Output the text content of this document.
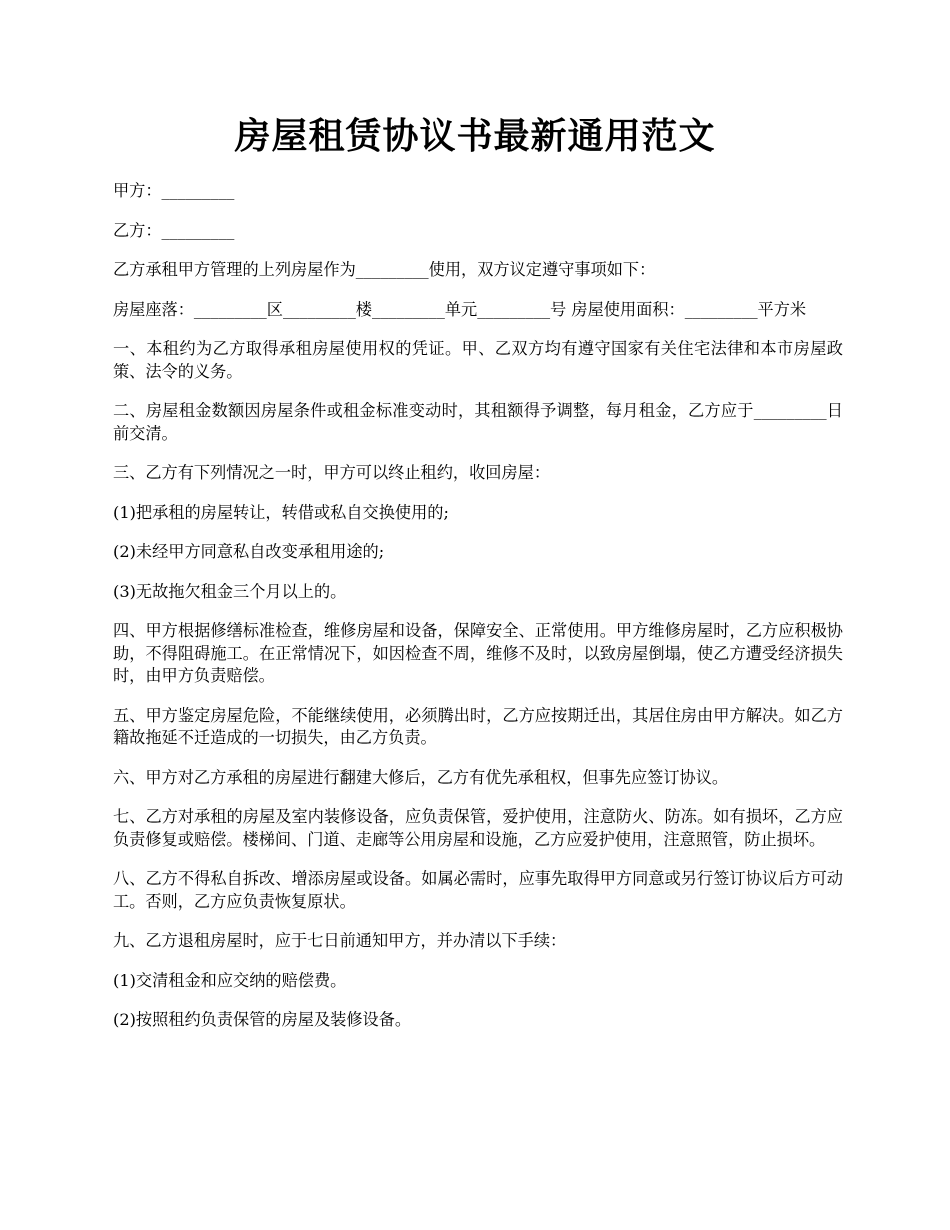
房屋租赁协议书最新通用范文

甲方：_________

乙方：_________

乙方承租甲方管理的上列房屋作为_________使用，双方议定遵守事项如下：

房屋座落：_________区_________楼_________单元_________号 房屋使用面积：_________平方米

一、本租约为乙方取得承租房屋使用权的凭证。甲、乙双方均有遵守国家有关住宅法律和本市房屋政策、法令的义务。

二、房屋租金数额因房屋条件或租金标准变动时，其租额得予调整，每月租金，乙方应于_________日前交清。

三、乙方有下列情况之一时，甲方可以终止租约，收回房屋：

(1)把承租的房屋转让，转借或私自交换使用的;

(2)未经甲方同意私自改变承租用途的;

(3)无故拖欠租金三个月以上的。

四、甲方根据修缮标准检查，维修房屋和设备，保障安全、正常使用。甲方维修房屋时，乙方应积极协助，不得阻碍施工。在正常情况下，如因检查不周，维修不及时，以致房屋倒塌，使乙方遭受经济损失时，由甲方负责赔偿。

五、甲方鉴定房屋危险，不能继续使用，必须腾出时，乙方应按期迁出，其居住房由甲方解决。如乙方籍故拖延不迁造成的一切损失，由乙方负责。

六、甲方对乙方承租的房屋进行翻建大修后，乙方有优先承租权，但事先应签订协议。

七、乙方对承租的房屋及室内装修设备，应负责保管，爱护使用，注意防火、防冻。如有损坏，乙方应负责修复或赔偿。楼梯间、门道、走廊等公用房屋和设施，乙方应爱护使用，注意照管，防止损坏。

八、乙方不得私自拆改、增添房屋或设备。如属必需时，应事先取得甲方同意或另行签订协议后方可动工。否则，乙方应负责恢复原状。

九、乙方退租房屋时，应于七日前通知甲方，并办清以下手续：

(1)交清租金和应交纳的赔偿费。

(2)按照租约负责保管的房屋及装修设备。
